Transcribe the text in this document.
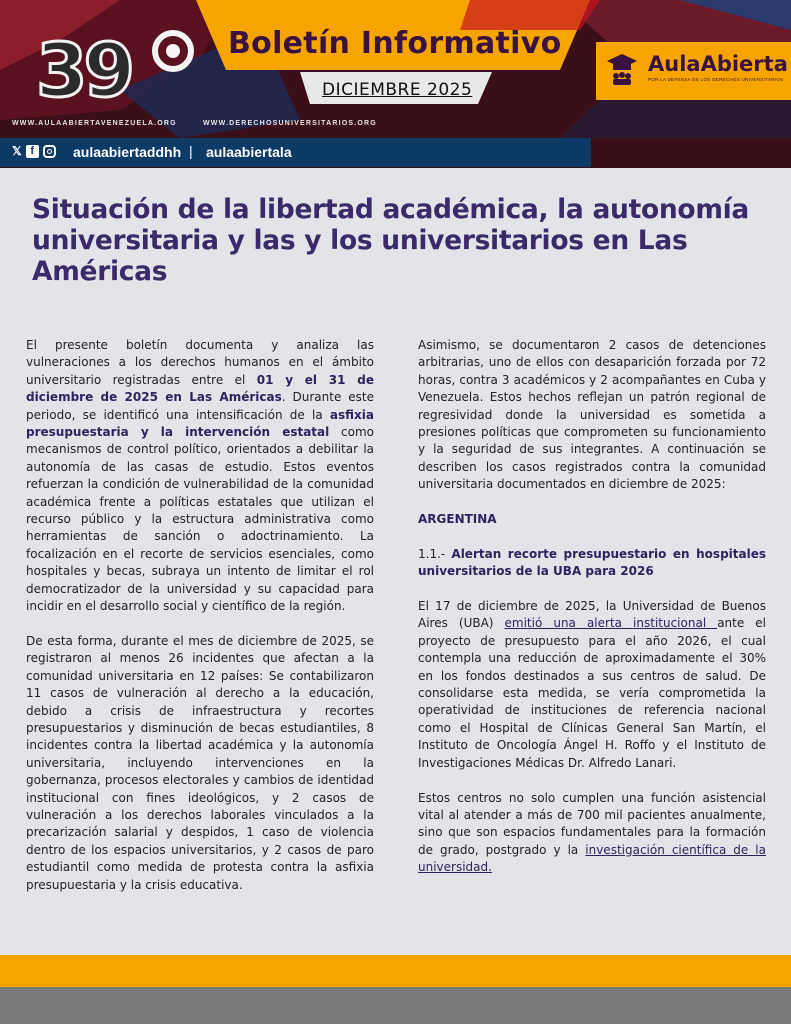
39	Boletín Informativo
DICIEMBRE 2025
AulaAbierta
POR LA DEFENSA DE LOS DERECHOS UNIVERSITARIOS
WWW.AULAABIERTAVENEZUELA.ORG	WWW.DERECHOSUNIVERSITARIOS.ORG
𝕏 f	aulaabiertaddhh | aulaabiertala
Situación de la libertad académica, la autonomía universitaria y las y los universitarios en Las Américas

El presente boletín documenta y analiza las vulneraciones a los derechos humanos en el ámbito universitario registradas entre el 01 y el 31 de diciembre de 2025 en Las Américas. Durante este periodo, se identificó una intensificación de la asfixia presupuestaria y la intervención estatal como mecanismos de control político, orientados a debilitar la autonomía de las casas de estudio. Estos eventos refuerzan la condición de vulnerabilidad de la comunidad académica frente a políticas estatales que utilizan el recurso público y la estructura administrativa como herramientas de sanción o adoctrinamiento. La focalización en el recorte de servicios esenciales, como hospitales y becas, subraya un intento de limitar el rol democratizador de la universidad y su capacidad para incidir en el desarrollo social y científico de la región.

De esta forma, durante el mes de diciembre de 2025, se registraron al menos 26 incidentes que afectan a la comunidad universitaria en 12 países: Se contabilizaron 11 casos de vulneración al derecho a la educación, debido a crisis de infraestructura y recortes presupuestarios y disminución de becas estudiantiles, 8 incidentes contra la libertad académica y la autonomía universitaria, incluyendo intervenciones en la gobernanza, procesos electorales y cambios de identidad institucional con fines ideológicos, y 2 casos de vulneración a los derechos laborales vinculados a la precarización salarial y despidos, 1 caso de violencia dentro de los espacios universitarios, y 2 casos de paro estudiantil como medida de protesta contra la asfixia presupuestaria y la crisis educativa.

Asimismo, se documentaron 2 casos de detenciones arbitrarias, uno de ellos con desaparición forzada por 72 horas, contra 3 académicos y 2 acompañantes en Cuba y Venezuela. Estos hechos reflejan un patrón regional de regresividad donde la universidad es sometida a presiones políticas que comprometen su funcionamiento y la seguridad de sus integrantes. A continuación se describen los casos registrados contra la comunidad universitaria documentados en diciembre de 2025:

ARGENTINA

1.1.- Alertan recorte presupuestario en hospitales universitarios de la UBA para 2026

El 17 de diciembre de 2025, la Universidad de Buenos Aires (UBA) emitió una alerta institucional ante el proyecto de presupuesto para el año 2026, el cual contempla una reducción de aproximadamente el 30% en los fondos destinados a sus centros de salud. De consolidarse esta medida, se vería comprometida la operatividad de instituciones de referencia nacional como el Hospital de Clínicas General San Martín, el Instituto de Oncología Ángel H. Roffo y el Instituto de Investigaciones Médicas Dr. Alfredo Lanari.

Estos centros no solo cumplen una función asistencial vital al atender a más de 700 mil pacientes anualmente, sino que son espacios fundamentales para la formación de grado, postgrado y la investigación científica de la universidad.
